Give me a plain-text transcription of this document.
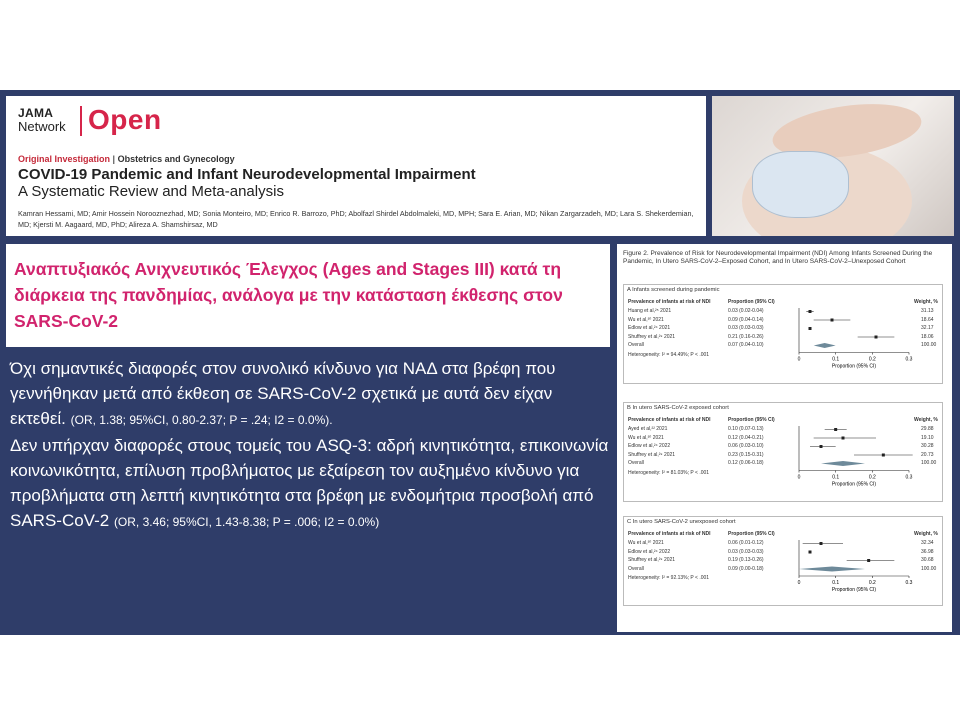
JAMA
Network Open
Original Investigation | Obstetrics and Gynecology
COVID-19 Pandemic and Infant Neurodevelopmental Impairment
A Systematic Review and Meta-analysis
Kamran Hessami, MD; Amir Hossein Norooznezhad, MD; Sonia Monteiro, MD; Enrico R. Barrozo, PhD; Abolfazl Shirdel Abdolmaleki, MD, MPH; Sara E. Arian, MD; Nikan Zargarzadeh, MD; Lara S. Shekerdemian, MD; Kjersti M. Aagaard, MD, PhD; Alireza A. Shamshirsaz, MD
Αναπτυξιακός Ανιχνευτικός Έλεγχος (Ages and Stages III) κατά τη διάρκεια της πανδημίας, ανάλογα με την κατάσταση έκθεσης στον SARS-CoV-2
Όχι σημαντικές διαφορές στον συνολικό κίνδυνο για ΝΑΔ στα βρέφη που γεννήθηκαν μετά από έκθεση σε SARS-CoV-2 σχετικά με αυτά δεν είχαν εκτεθεί. (OR, 1.38; 95%CI, 0.80-2.37; P = .24; I2 = 0.0%).
Δεν υπήρχαν διαφορές στους τομείς του ASQ-3: αδρή κινητικότητα, επικοινωνία κοινωνικότητα, επίλυση προβλήματος με εξαίρεση τον αυξημένο κίνδυνο για προβλήματα στη λεπτή κινητικότητα στα βρέφη με ενδομήτρια προσβολή από SARS-CoV-2 (OR, 3.46; 95%CI, 1.43-8.38; P = .006; I2 = 0.0%)
Figure 2. Prevalence of Risk for Neurodevelopmental Impairment (NDI) Among Infants Screened During the Pandemic, In Utero SARS-CoV-2–Exposed Cohort, and In Utero SARS-CoV-2–Unexposed Cohort
A Infants screened during pandemic
Prevalence of infants at risk of NDI	Proportion (95% CI)	Weight, %
Huang et al,²⁵ 2021	0.03 (0.02-0.04)	31.13
Wu et al,³⁰ 2021	0.09 (0.04-0.14)	18.64
Edlow et al,²⁴ 2021	0.03 (0.03-0.03)	32.17
Shuffrey et al,²⁹ 2021	0.21 (0.16-0.26)	18.06
Overall	0.07 (0.04-0.10)	100.00
0	0.1	0.2	0.3
Proportion (95% CI)
Heterogeneity: I² = 94.49%; P < .001
B In utero SARS-CoV-2 exposed cohort
Prevalence of infants at risk of NDI	Proportion (95% CI)	Weight, %
Ayed et al,²² 2021	0.10 (0.07-0.13)	29.88
Wu et al,³⁰ 2021	0.12 (0.04-0.21)	19.10
Edlow et al,²⁴ 2022	0.06 (0.03-0.10)	30.28
Shuffrey et al,²⁹ 2021	0.23 (0.15-0.31)	20.73
Overall	0.12 (0.06-0.18)	100.00
0	0.1	0.2	0.3
Proportion (95% CI)
Heterogeneity: I² = 81.03%; P < .001
C In utero SARS-CoV-2 unexposed cohort
Prevalence of infants at risk of NDI	Proportion (95% CI)	Weight, %
Wu et al,³⁰ 2021	0.06 (0.01-0.12)	32.34
Edlow et al,²⁴ 2022	0.03 (0.03-0.03)	36.98
Shuffrey et al,²⁹ 2021	0.19 (0.13-0.26)	30.68
Overall	0.09 (0.00-0.18)	100.00
0	0.1	0.2	0.3
Proportion (95% CI)
Heterogeneity: I² = 92.13%; P < .001
